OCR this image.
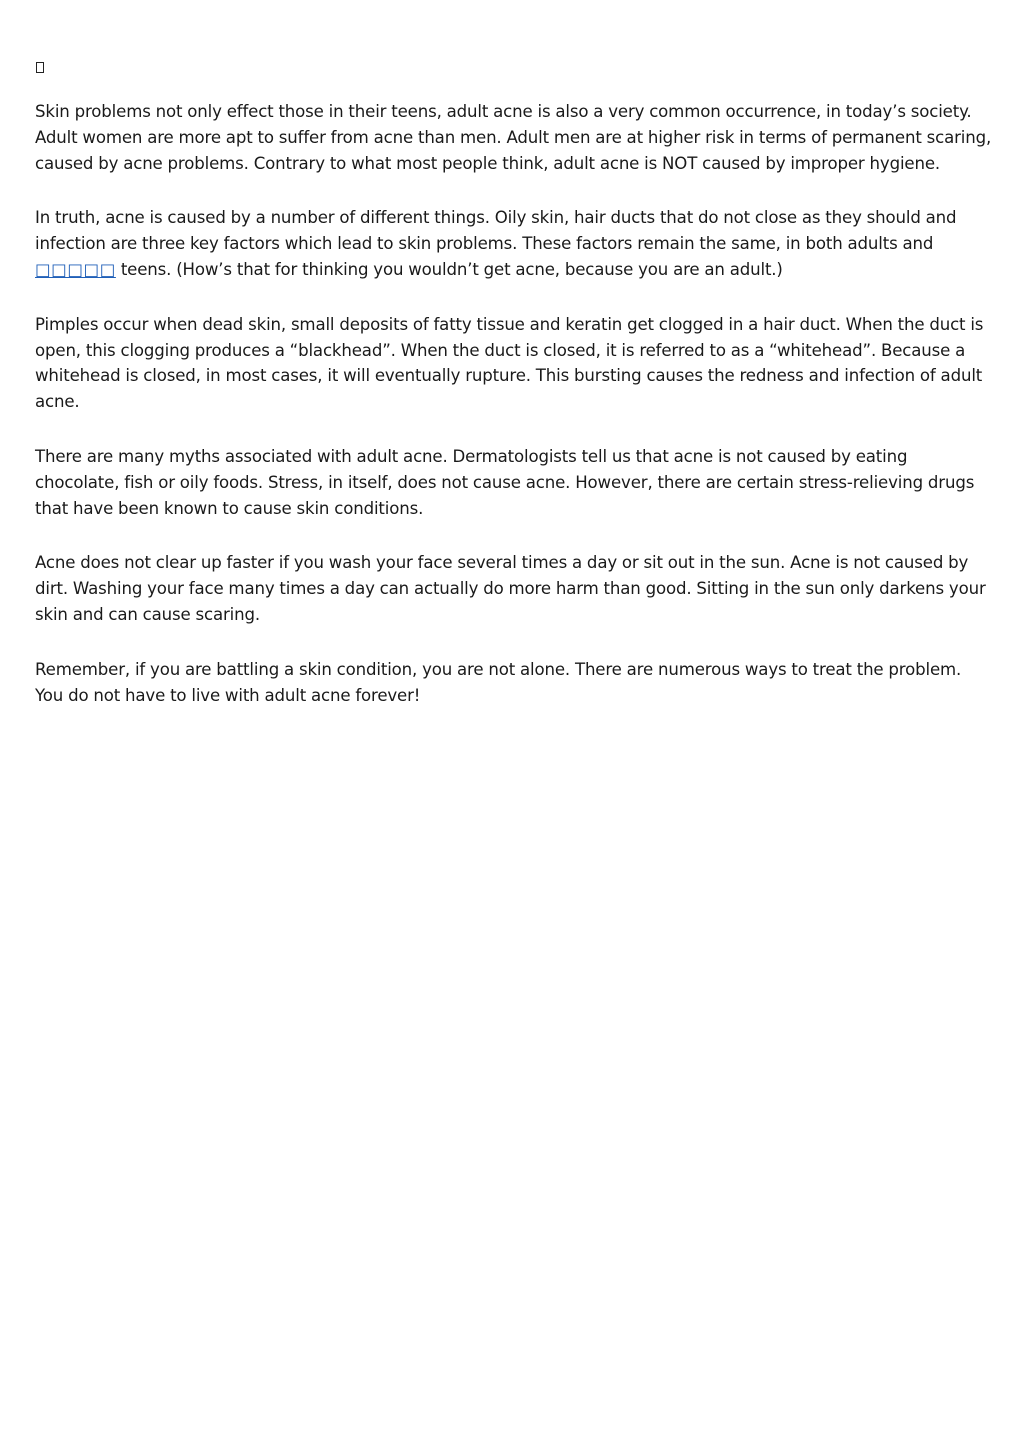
Skin problems not only effect those in their teens, adult acne is also a very common occurrence, in today’s society. Adult women are more apt to suffer from acne than men. Adult men are at higher risk in terms of permanent scaring, caused by acne problems. Contrary to what most people think, adult acne is NOT caused by improper hygiene.

In truth, acne is caused by a number of different things. Oily skin, hair ducts that do not close as they should and infection are three key factors which lead to skin problems. These factors remain the same, in both adults and □□□□□ teens. (How’s that for thinking you wouldn’t get acne, because you are an adult.)

Pimples occur when dead skin, small deposits of fatty tissue and keratin get clogged in a hair duct. When the duct is open, this clogging produces a “blackhead”. When the duct is closed, it is referred to as a “whitehead”. Because a whitehead is closed, in most cases, it will eventually rupture. This bursting causes the redness and infection of adult acne.

There are many myths associated with adult acne. Dermatologists tell us that acne is not caused by eating chocolate, fish or oily foods. Stress, in itself, does not cause acne. However, there are certain stress-relieving drugs that have been known to cause skin conditions.

Acne does not clear up faster if you wash your face several times a day or sit out in the sun. Acne is not caused by dirt. Washing your face many times a day can actually do more harm than good. Sitting in the sun only darkens your skin and can cause scaring.

Remember, if you are battling a skin condition, you are not alone. There are numerous ways to treat the problem. You do not have to live with adult acne forever!
